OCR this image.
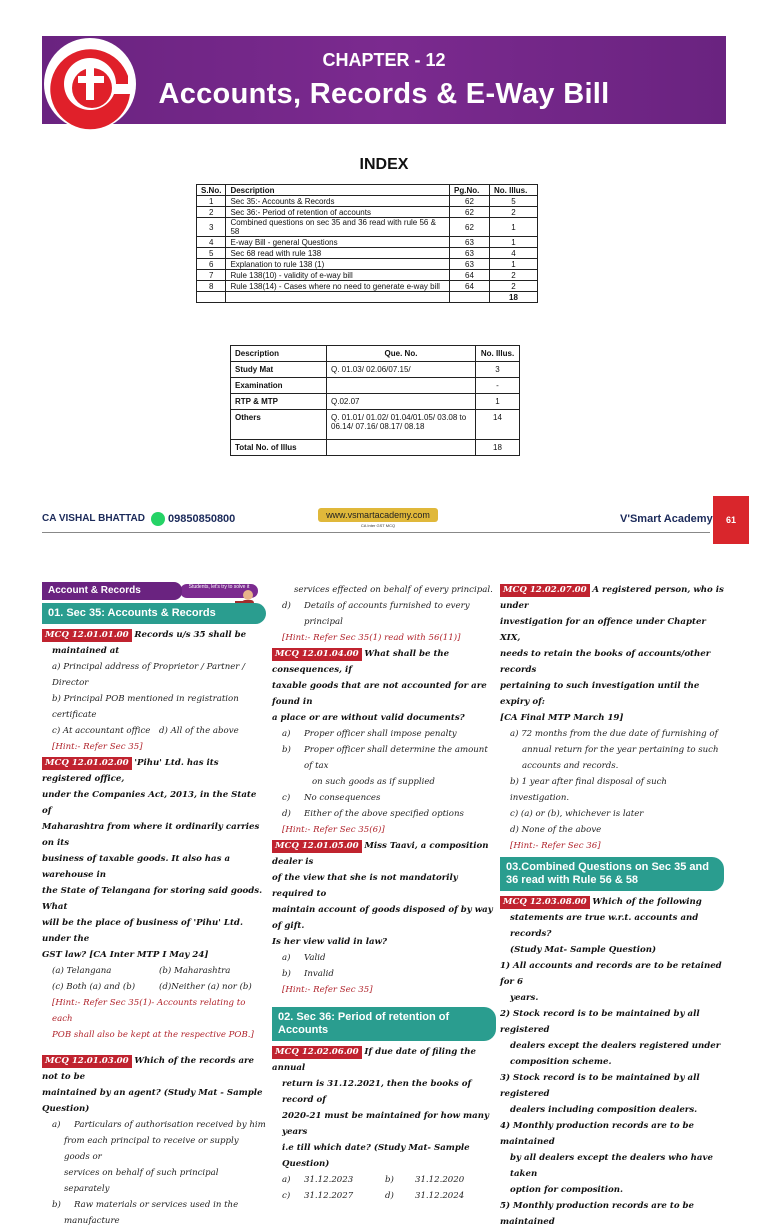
CHAPTER - 12
Accounts, Records & E-Way Bill
INDEX
S.No.	Description	Pg.No.	No. Illus.
1	Sec 35:- Accounts & Records	62	5
2	Sec 36:- Period of retention of accounts	62	2
3	Combined questions on sec 35 and 36 read with rule 56 & 58	62	1
4	E-way Bill - general Questions	63	1
5	Sec 68 read with rule 138	63	4
6	Explanation to rule 138 (1)	63	1
7	Rule 138(10) - validity of e-way bill	64	2
8	Rule 138(14) - Cases where no need to generate e-way bill	64	2
			18
Description	Que. No.	No. Illus.
Study Mat	Q. 01.03/ 02.06/07.15/	3
Examination		-
RTP & MTP	Q.02.07	1
Others	Q. 01.01/ 01.02/ 01.04/01.05/ 03.08 to 06.14/ 07.16/ 08.17/ 08.18	14
Total No. of Illus		18
CA VISHAL BHATTAD 09850850800	www.vsmartacademy.com
CA Inter GST MCQ
V'Smart Academy	61
Students, let's try to solve it
Account & Records
01. Sec 35: Accounts & Records
MCQ 12.01.01.00 Records u/s 35 shall be
maintained at
a) Principal address of Proprietor / Partner / Director
b) Principal POB mentioned in registration certificate
c) At accountant office	d) All of the above
[Hint:- Refer Sec 35]
MCQ 12.01.02.00 'Pihu' Ltd. has its registered office,
under the Companies Act, 2013, in the State of
Maharashtra from where it ordinarily carries on its
business of taxable goods. It also has a warehouse in
the State of Telangana for storing said goods. What
will be the place of business of 'Pihu' Ltd. under the
GST law? [CA Inter MTP I May 24]
(a) Telangana	(b) Maharashtra
(c) Both (a) and (b)	(d)Neither (a) nor (b)
[Hint:- Refer Sec 35(1)- Accounts relating to each
POB shall also be kept at the respective POB.]
MCQ 12.01.03.00 Which of the records are not to be
maintained by an agent? (Study Mat - Sample
Question)
a)	Particulars of authorisation received by him
from each principal to receive or supply goods or
services on behalf of such principal separately
b)	Raw materials or services used in the
manufacture
services effected on behalf of every principal.
d)	Details of accounts furnished to every principal
[Hint:- Refer Sec 35(1) read with 56(11)]
MCQ 12.01.04.00 What shall be the consequences, if
taxable goods that are not accounted for are found in
a place or are without valid documents?
a)	Proper officer shall impose penalty
b)	Proper officer shall determine the amount of tax
on such goods as if supplied
c)	No consequences
d)	Either of the above specified options
[Hint:- Refer Sec 35(6)]
MCQ 12.01.05.00 Miss Taavi, a composition dealer is
of the view that she is not mandatorily required to
maintain account of goods disposed of by way of gift.
Is her view valid in law?
a)	Valid
b)	Invalid
[Hint:- Refer Sec 35]
02. Sec 36: Period of retention of Accounts
MCQ 12.02.06.00 If due date of filing the annual
return is 31.12.2021, then the books of record of
2020-21 must be maintained for how many years
i.e till which date? (Study Mat- Sample
Question)
a)	31.12.2023	b)	31.12.2020
c)	31.12.2027	d)	31.12.2024
MCQ 12.02.07.00 A registered person, who is under
investigation for an offence under Chapter XIX,
needs to retain the books of accounts/other records
pertaining to such investigation until the expiry of:
[CA Final MTP March 19]
a) 72 months from the due date of furnishing of
annual return for the year pertaining to such
accounts and records.
b) 1 year after final disposal of such investigation.
c) (a) or (b), whichever is later
d) None of the above
[Hint:- Refer Sec 36]
03.Combined Questions on Sec 35 and 36 read with Rule 56 & 58
MCQ 12.03.08.00 Which of the following
statements are true w.r.t. accounts and records?
(Study Mat- Sample Question)
1) All accounts and records are to be retained for 6
years.
2) Stock record is to be maintained by all registered
dealers except the dealers registered under
composition scheme.
3) Stock record is to be maintained by all registered
dealers including composition dealers.
4) Monthly production records are to be maintained
by all dealers except the dealers who have taken
option for composition.
5) Monthly production records are to be maintained
